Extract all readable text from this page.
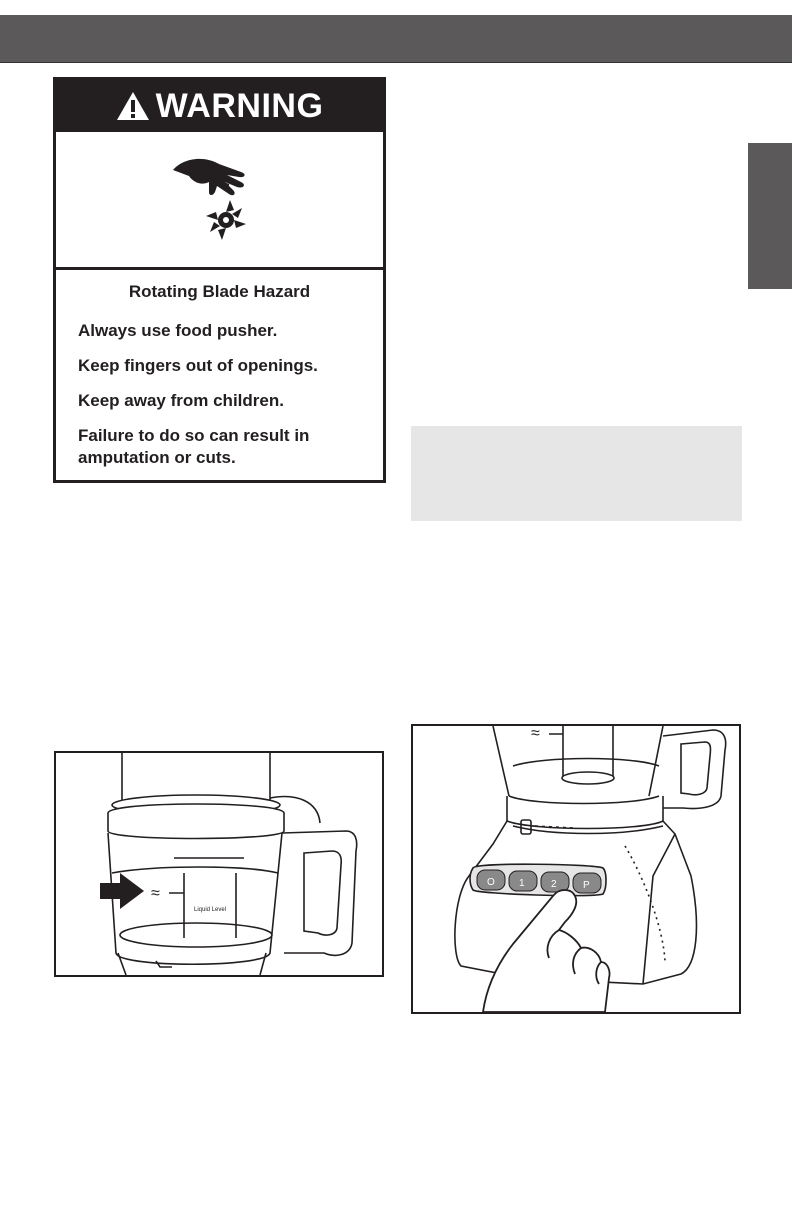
WARNING
Rotating Blade Hazard
Always use food pusher.
Keep fingers out of openings.
Keep away from children.
Failure to do so can result in amputation or cuts.
≈
Liquid Level
O 1	2	P
≈
